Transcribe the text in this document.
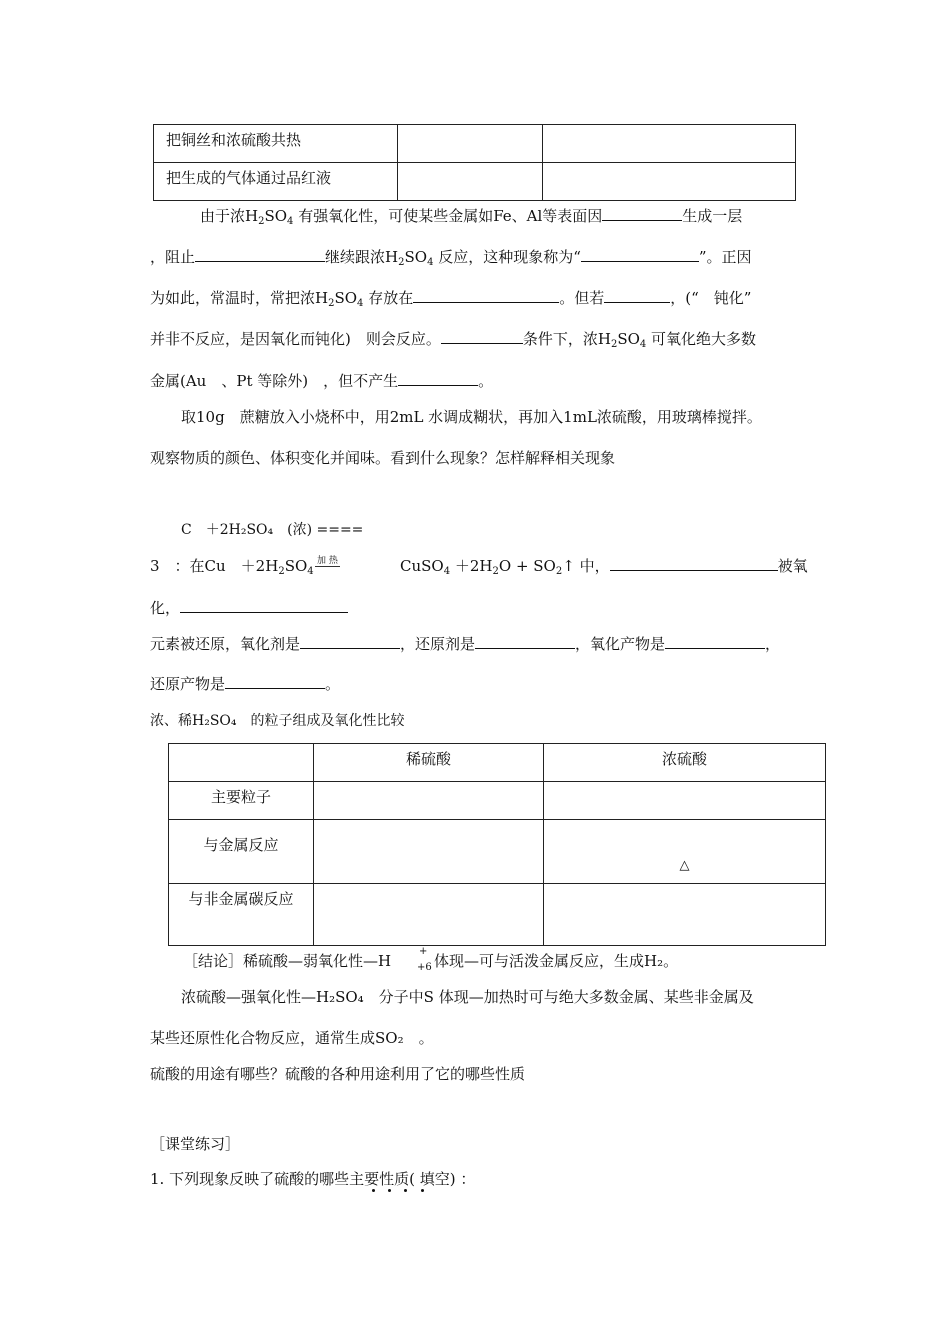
把铜丝和浓硫酸共热		
把生成的气体通过品红液		
由于浓$H_2SO_4$ 有强氧化性，可使某些金属如Fe、Al等表面因	生成一层
，阻止	继续跟浓$H_2SO_4$ 反应，这种现象称为“	”。正因
为如此，常温时，常把浓$H_2SO_4$ 存放在	。但若	，(“　钝化”
并非不反应，是因氧化而钝化)　则会反应。	条件下，浓$H_2SO_4$ 可氧化绝大多数
金属(Au　、Pt 等除外)　，但不产生	。
取10g　蔗糖放入小烧杯中，用2mL 水调成糊状，再加入1mL浓硫酸，用玻璃棒搅拌。
观察物质的颜色、体积变化并闻味。看到什么现象？怎样解释相关现象
C　＋2H₂SO₄　(浓) ====
3　：在Cu　$+2H_2SO_4$
加 热	CuSO$_4$ $+2H_2O$ + $SO_2↑$ 中，	被氧
化，
元素被还原，氧化剂是	，还原剂是	，氧化产物是	，
还原产物是	。
浓、稀H₂SO₄　的粒子组成及氧化性比较
	稀硫酸	浓硫酸
主要粒子		
与金属反应		△
与非金属碳反应		
［结论］稀硫酸—弱氧化性—H
+
+6 体现—可与活泼金属反应，生成H₂。
浓硫酸—强氧化性—H₂SO₄　分子中S 体现—加热时可与绝大多数金属、某些非金属及
某些还原性化合物反应，通常生成SO₂　。
硫酸的用途有哪些？硫酸的各种用途利用了它的哪些性质
［课堂练习］
1. 下列现象反映了硫酸的哪些主要性质( 填空) ：
